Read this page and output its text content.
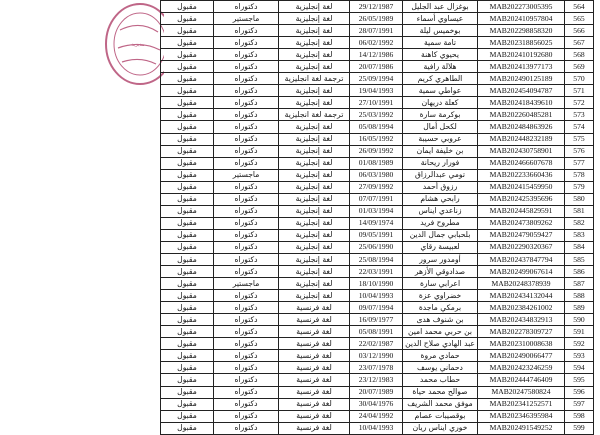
مديرية
564	MAB202273005395	بوغزال عبد الجليل	29/12/1987	لغة إنجليزية	دكتوراه	مقبول
565	MAB202410957804	عيساوي أسماء	26/05/1989	لغة إنجليزية	ماجستير	مقبول
566	MAB202298858320	بوخميس ليلة	28/07/1991	لغة إنجليزية	دكتوراه	مقبول
567	MAB202318856025	تامة سمية	06/02/1992	لغة إنجليزية	دكتوراه	مقبول
568	MAB202410192680	يحيوي كاهنة	14/12/1986	لغة إنجليزية	دكتوراه	مقبول
569	MAB202413977173	هلالة رافية	20/07/1986	لغة إنجليزية	دكتوراه	مقبول
570	MAB202490125189	الطاهري كريم	25/09/1994	ترجمة لغة انجليزية	دكتوراه	مقبول
571	MAB202454094787	عواطي سمية	19/04/1993	لغة إنجليزية	دكتوراه	مقبول
572	MAB202418439610	كعلة دريهان	27/10/1991	لغة إنجليزية	دكتوراه	مقبول
573	MAB202260485281	بوكرمة سارة	25/03/1992	ترجمة لغة انجليزية	دكتوراه	مقبول
574	MAB202484863926	لكحل أمال	05/08/1994	لغة إنجليزية	دكتوراه	مقبول
575	MAB202448232189	عروبي حسيبة	16/05/1992	لغة إنجليزية	دكتوراه	مقبول
576	MAB202430758901	بن خليفة ايمان	26/09/1992	لغة إنجليزية	دكتوراه	مقبول
577	MAB202466607678	فورار ريحانة	01/08/1989	لغة إنجليزية	دكتوراه	مقبول
578	MAB202233660436	تومي عبدالرزاق	06/03/1980	لغة إنجليزية	ماجستير	مقبول
579	MAB202415459950	رزوق أحمد	27/09/1992	لغة إنجليزية	دكتوراه	مقبول
580	MAB202425395696	رابحي هشام	07/07/1991	لغة إنجليزية	دكتوراه	مقبول
581	MAB202445829591	زناعدي ايناس	01/03/1994	لغة إنجليزية	دكتوراه	مقبول
582	MAB202473809262	مطروح فريد	14/09/1974	لغة إنجليزية	دكتوراه	مقبول
583	MAB202479059427	بلحبابي جمال الدين	09/05/1991	لغة إنجليزية	دكتوراه	مقبول
584	MAB202290320367	لعبيسة رقاي	25/06/1990	لغة إنجليزية	دكتوراه	مقبول
585	MAB202437847794	أومدور سرور	25/08/1994	لغة إنجليزية	دكتوراه	مقبول
586	MAB202499067614	صدادوقي الأزهر	22/03/1991	لغة إنجليزية	دكتوراه	مقبول
587	MAB20248378939	اعرابي سارة	18/10/1990	لغة إنجليزية	ماجستير	مقبول
588	MAB202434132044	خضراوي عزة	10/04/1993	لغة إنجليزية	دكتوراه	مقبول
589	MAB202384261002	برمكي ماجدة	09/07/1994	لغة فرنسية	دكتوراه	مقبول
590	MAB202434832913	بن شنوف هدى	16/09/1977	لغة فرنسية	دكتوراه	مقبول
591	MAB202278309727	بن حربي محمد امين	05/08/1991	لغة فرنسية	دكتوراه	مقبول
592	MAB202310008638	عبد الهادي صلاح الدين	22/02/1987	لغة فرنسية	دكتوراه	مقبول
593	MAB202490066477	حمادي مروة	03/12/1990	لغة فرنسية	دكتوراه	مقبول
594	MAB202423246259	دحماني يوسف	23/07/1978	لغة فرنسية	دكتوراه	مقبول
595	MAB202444746409	حطاب محمد	23/12/1983	لغة فرنسية	دكتوراه	مقبول
596	MAB20247580824	صوالح محمد حياة	20/07/1989	لغة فرنسية	دكتوراه	مقبول
597	MAB202341252571	موفق محمد الشريف	30/04/1976	لغة فرنسية	دكتوراه	مقبول
598	MAB202346395984	بوقصيبات عصام	24/04/1992	لغة فرنسية	دكتوراه	مقبول
599	MAB202491549252	خوري ايناس ريان	10/04/1993	لغة فرنسية	دكتوراه	مقبول
